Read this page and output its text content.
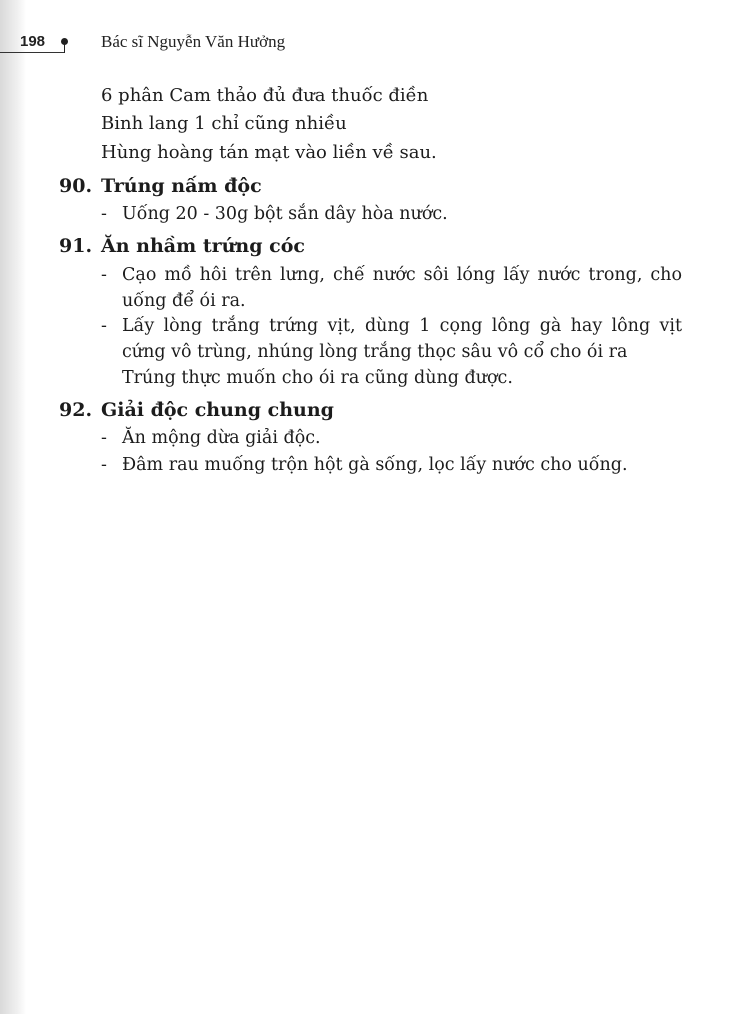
198	Bác sĩ Nguyễn Văn Hưởng
6 phân Cam thảo đủ đưa thuốc điền
Binh lang 1 chỉ cũng nhiều
Hùng hoàng tán mạt vào liền về sau.
90. Trúng nấm độc
- Uống 20 - 30g bột sắn dây hòa nước.
91. Ăn nhầm trứng cóc
- Cạo mồ hôi trên lưng, chế nước sôi lóng lấy nước trong, cho
uống để ói ra.
- Lấy lòng trắng trứng vịt, dùng 1 cọng lông gà hay lông vịt
cứng vô trùng, nhúng lòng trắng thọc sâu vô cổ cho ói ra
Trúng thực muốn cho ói ra cũng dùng được.
92. Giải độc chung chung
- Ăn mộng dừa giải độc.
- Đâm rau muống trộn hột gà sống, lọc lấy nước cho uống.
